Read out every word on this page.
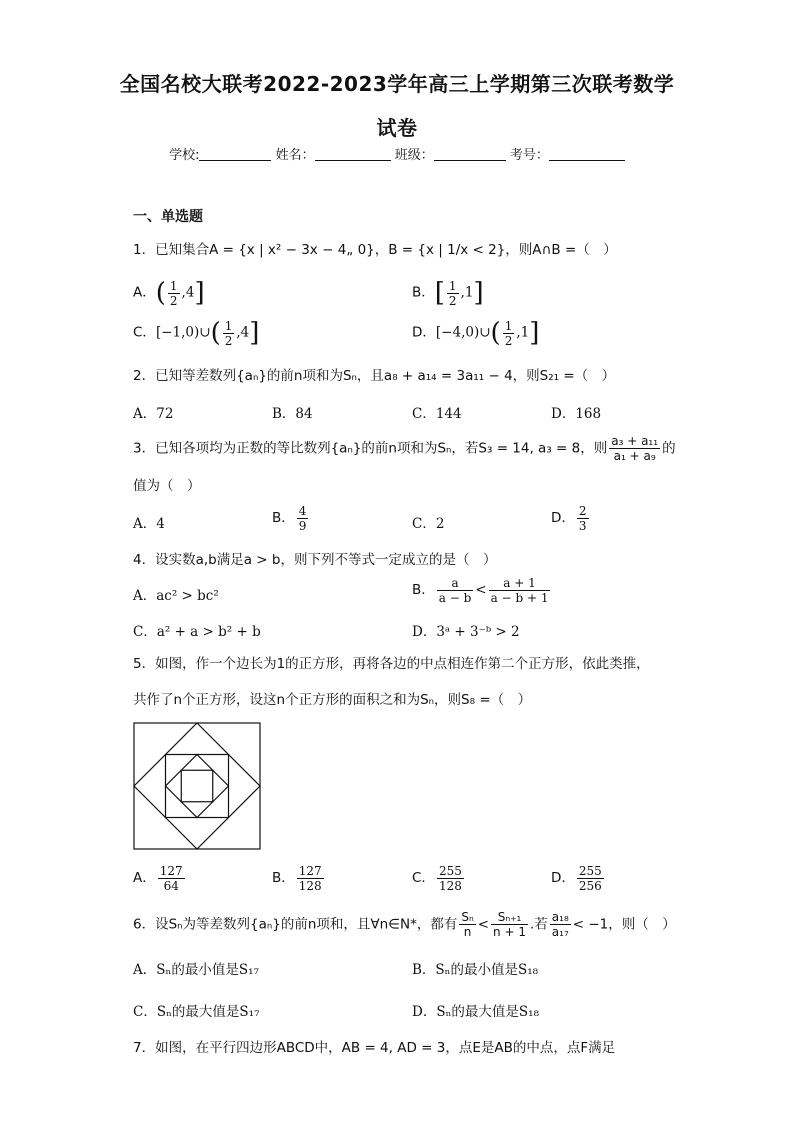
全国名校大联考2022-2023学年高三上学期第三次联考数学
试卷
学校:	姓名：	班级：	考号：
一、单选题
1．已知集合A = {x | x² − 3x − 4„ 0}，B = {x | 1/x < 2}，则A∩B =（　）
A．( $\frac{1}{2} ,4$]	B．[ $\frac{1}{2} ,1$]
C．[−1,0)∪( $\frac{1}{2} ,4$]	D．[−4,0)∪( $\frac{1}{2} ,1$]
2．已知等差数列{aₙ}的前n项和为Sₙ，且a₈ + a₁₄ = 3a₁₁ − 4，则S₂₁ =（　）
A．72	B．84	C．144	D．168
3．已知各项均为正数的等比数列{aₙ}的前n项和为Sₙ，若S₃ = 14, a₃ = 8，则 $\frac{\text{a₃ + a₁₁}}{\text{a₁ + a₉}}$ 的
值为（　）
A．4	B． $\frac{4}{9}$	C．2	D． $\frac{2}{3}$
4．设实数a,b满足a > b，则下列不等式一定成立的是（　）
A．ac² > bc²	B． $\frac{a}{a - b} < \frac{a + 1}{a - b + 1}$
C．a² + a > b² + b	D．3ᵃ + 3⁻ᵇ > 2
5．如图，作一个边长为1的正方形，再将各边的中点相连作第二个正方形，依此类推，
共作了n个正方形，设这n个正方形的面积之和为Sₙ，则S₈ =（　）
A． $\frac{127}{64}$	B． $\frac{127}{128}$	C． $\frac{255}{128}$	D． $\frac{255}{256}$
6．设Sₙ为等差数列{aₙ}的前n项和，且∀n∈N*，都有 $\frac{\text{Sₙ}}{n} < \frac{\text{Sₙ₊₁}}{n + 1}$ .若 $\frac{\text{a₁₈}}{\text{a₁₇}} < -1$，则（　）
A．Sₙ的最小值是S₁₇	B．Sₙ的最小值是S₁₈
C．Sₙ的最大值是S₁₇	D．Sₙ的最大值是S₁₈
7．如图，在平行四边形ABCD中，AB = 4, AD = 3，点E是AB的中点，点F满足
